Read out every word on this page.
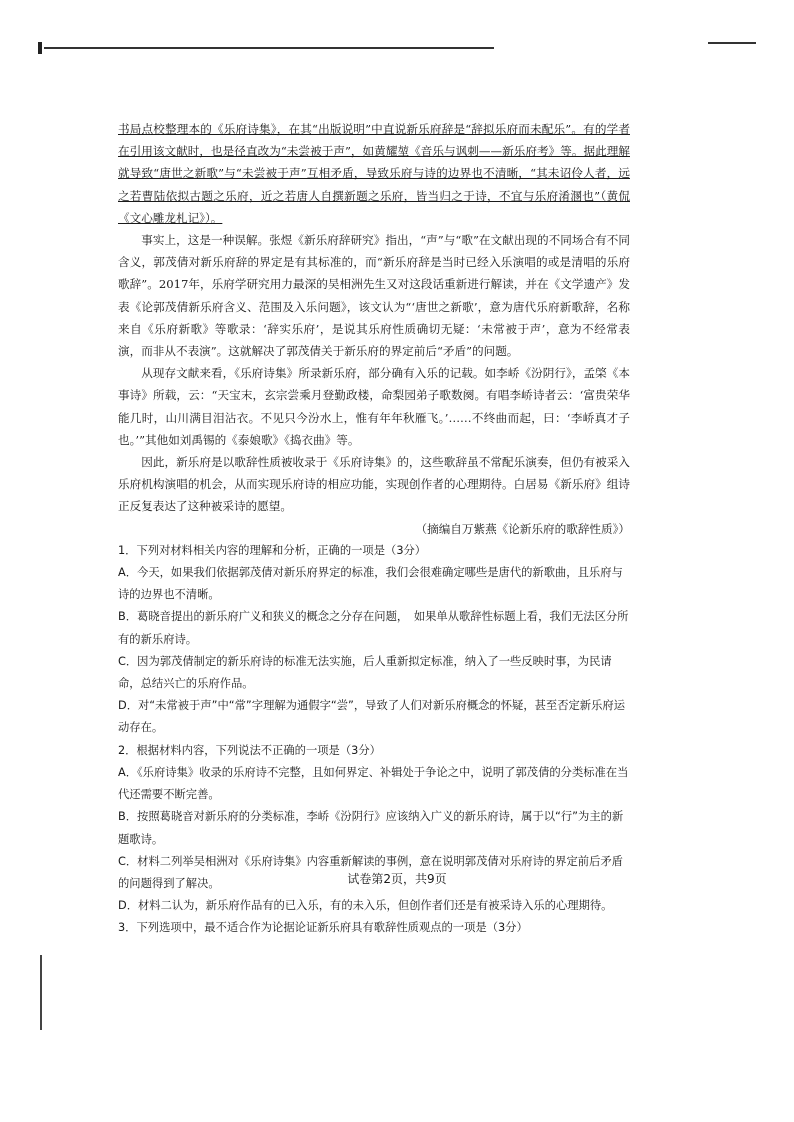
书局点校整理本的《乐府诗集》，在其“出版说明”中直说新乐府辞是“辞拟乐府而未配乐”。有的学者在引用该文献时，也是径直改为“未尝被于声”，如黄耀堃《音乐与讽刺——新乐府考》等。据此理解就导致“唐世之新歌”与“未尝被于声”互相矛盾，导致乐府与诗的边界也不清晰，“其未诏伶人者，远之若曹陆依拟古题之乐府，近之若唐人自撰新题之乐府，皆当归之于诗，不宜与乐府淆溷也”（黄侃《文心雕龙札记》）。

事实上，这是一种误解。张煜《新乐府辞研究》指出，“声”与“歌”在文献出现的不同场合有不同含义，郭茂倩对新乐府辞的界定是有其标准的，而“新乐府辞是当时已经入乐演唱的或是清唱的乐府歌辞”。2017年，乐府学研究用力最深的吴相洲先生又对这段话重新进行解读，并在《文学遗产》发表《论郭茂倩新乐府含义、范围及入乐问题》，该文认为“‘唐世之新歌’，意为唐代乐府新歌辞，名称来自《乐府新歌》等歌录：‘辞实乐府’，是说其乐府性质确切无疑：‘未常被于声’，意为不经常表演，而非从不表演”。这就解决了郭茂倩关于新乐府的界定前后“矛盾”的问题。

从现存文献来看，《乐府诗集》所录新乐府，部分确有入乐的记载。如李峤《汾阴行》，孟棨《本事诗》所载，云：“天宝末，玄宗尝乘月登勤政楼，命梨园弟子歌数阕。有唱李峤诗者云：‘富贵荣华能几时，山川满目泪沾衣。不见只今汾水上，惟有年年秋雁飞。’……不终曲而起，曰：‘李峤真才子也。’”其他如刘禹锡的《泰娘歌》《捣衣曲》等。

因此，新乐府是以歌辞性质被收录于《乐府诗集》的，这些歌辞虽不常配乐演奏，但仍有被采入乐府机构演唱的机会，从而实现乐府诗的相应功能，实现创作者的心理期待。白居易《新乐府》组诗正反复表达了这种被采诗的愿望。

（摘编自万紫燕《论新乐府的歌辞性质》）

1．下列对材料相关内容的理解和分析，正确的一项是（3分）

A．今天，如果我们依据郭茂倩对新乐府界定的标准，我们会很难确定哪些是唐代的新歌曲，且乐府与诗的边界也不清晰。

B．葛晓音提出的新乐府广义和狭义的概念之分存在问题，　如果单从歌辞性标题上看，我们无法区分所有的新乐府诗。

C．因为郭茂倩制定的新乐府诗的标准无法实施，后人重新拟定标准，纳入了一些反映时事，为民请命，总结兴亡的乐府作品。

D．对“未常被于声”中“常”字理解为通假字“尝”，导致了人们对新乐府概念的怀疑，甚至否定新乐府运动存在。

2．根据材料内容，下列说法不正确的一项是（3分）

A．《乐府诗集》收录的乐府诗不完整，且如何界定、补辑处于争论之中，说明了郭茂倩的分类标准在当代还需要不断完善。

B．按照葛晓音对新乐府的分类标准，李峤《汾阴行》应该纳入广义的新乐府诗，属于以“行”为主的新题歌诗。

C．材料二列举吴相洲对《乐府诗集》内容重新解读的事例，意在说明郭茂倩对乐府诗的界定前后矛盾的问题得到了解决。

D．材料二认为，新乐府作品有的已入乐，有的未入乐，但创作者们还是有被采诗入乐的心理期待。

3．下列选项中，最不适合作为论据论证新乐府具有歌辞性质观点的一项是（3分）

试卷第2页，共9页
